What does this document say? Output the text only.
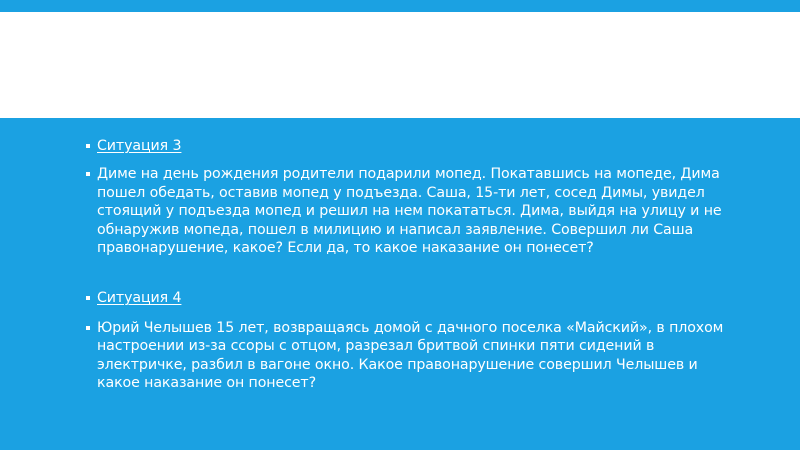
Ситуация 3
Диме на день рождения родители подарили мопед. Покатавшись на мопеде, Дима пошел обедать, оставив мопед у подъезда. Саша, 15-ти лет, сосед Димы, увидел стоящий у подъезда мопед и решил на нем покататься. Дима, выйдя на улицу и не обнаружив мопеда, пошел в милицию и написал заявление. Совершил ли Саша правонарушение, какое? Если да, то какое наказание он понесет?
Ситуация 4
Юрий Челышев 15 лет, возвращаясь домой с дачного поселка «Майский», в плохом настроении из-за ссоры с отцом, разрезал бритвой спинки пяти сидений в электричке, разбил в вагоне окно. Какое правонарушение совершил Челышев и какое наказание он понесет?
